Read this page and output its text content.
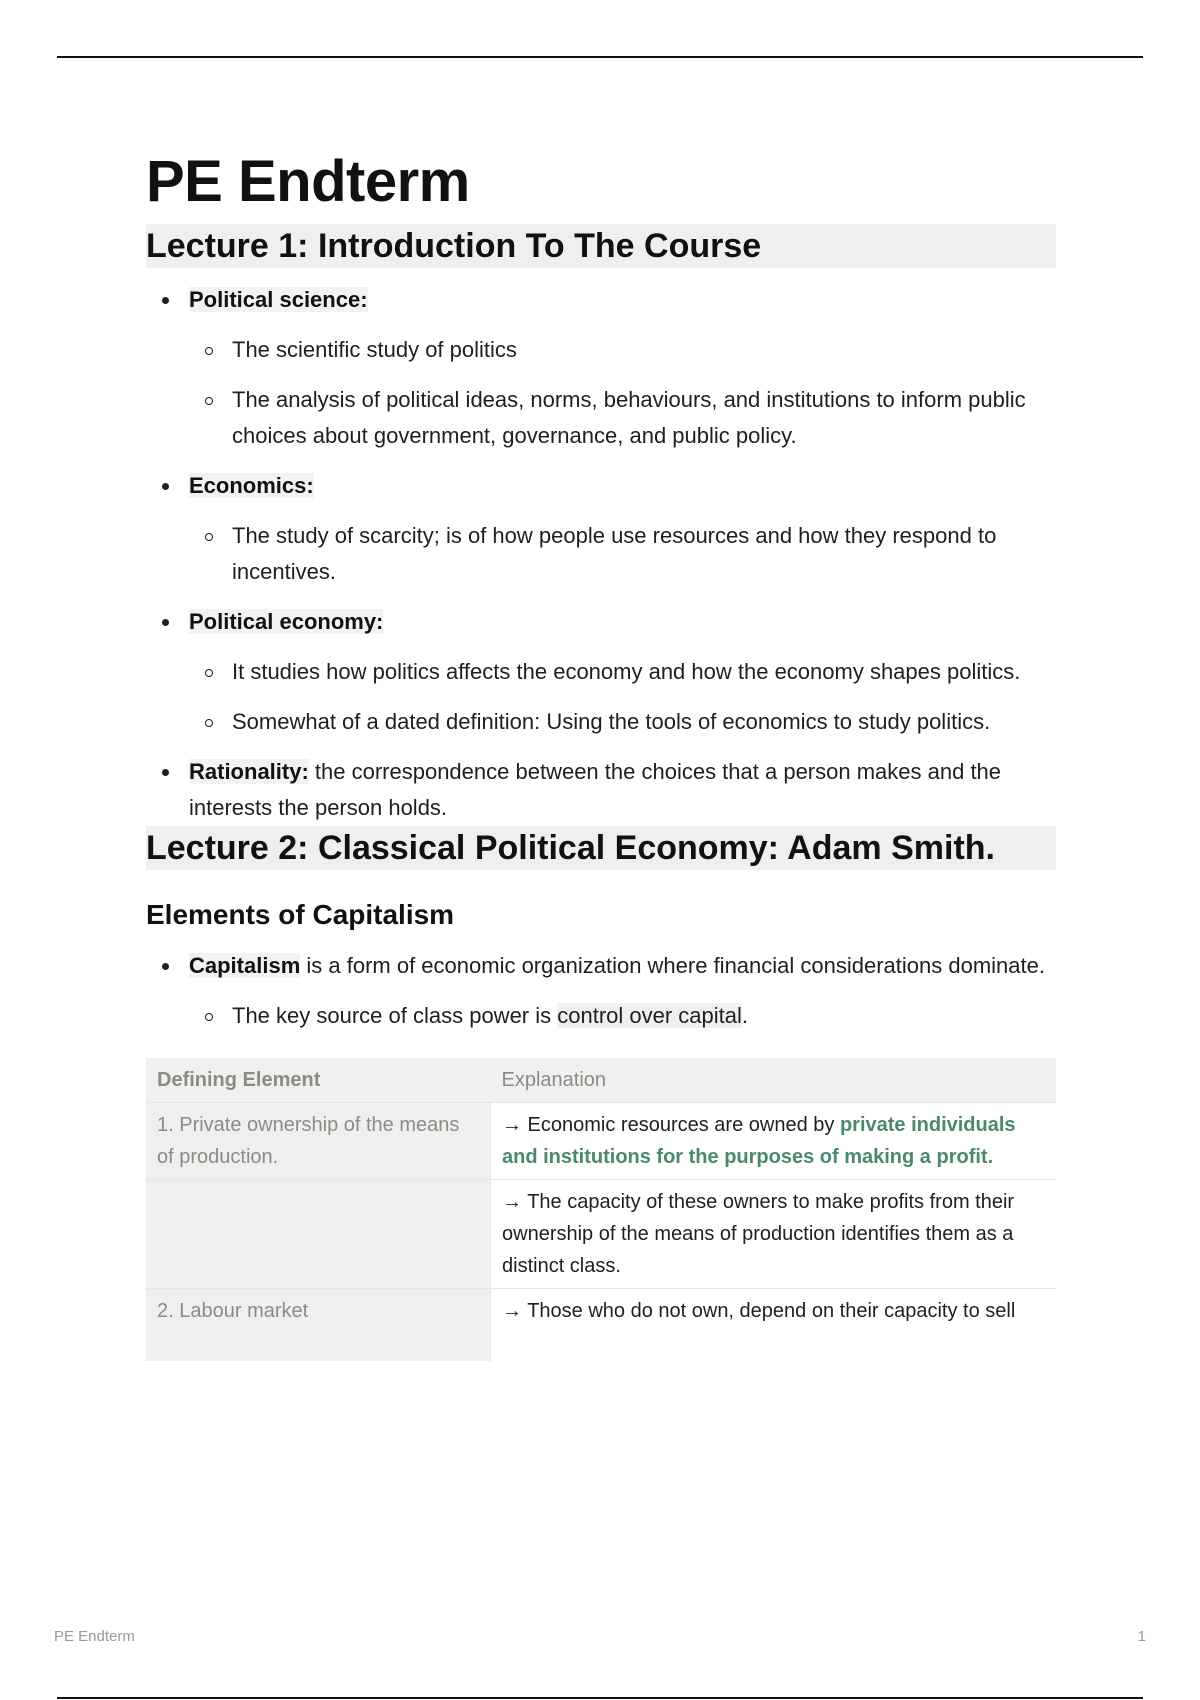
PE Endterm
Lecture 1: Introduction To The Course
Political science:
The scientific study of politics
The analysis of political ideas, norms, behaviours, and institutions to inform public choices about government, governance, and public policy.
Economics:
The study of scarcity; is of how people use resources and how they respond to incentives.
Political economy:
It studies how politics affects the economy and how the economy shapes politics.
Somewhat of a dated definition: Using the tools of economics to study politics.
Rationality: the correspondence between the choices that a person makes and the interests the person holds.
Lecture 2: Classical Political Economy: Adam Smith.
Elements of Capitalism
Capitalism is a form of economic organization where financial considerations dominate.
The key source of class power is control over capital.
Defining Element	Explanation
1. Private ownership of the means of production.	→ Economic resources are owned by private individuals and institutions for the purposes of making a profit.
	→ The capacity of these owners to make profits from their ownership of the means of production identifies them as a distinct class.
2. Labour market	→ Those who do not own, depend on their capacity to sell
PE Endterm	1
